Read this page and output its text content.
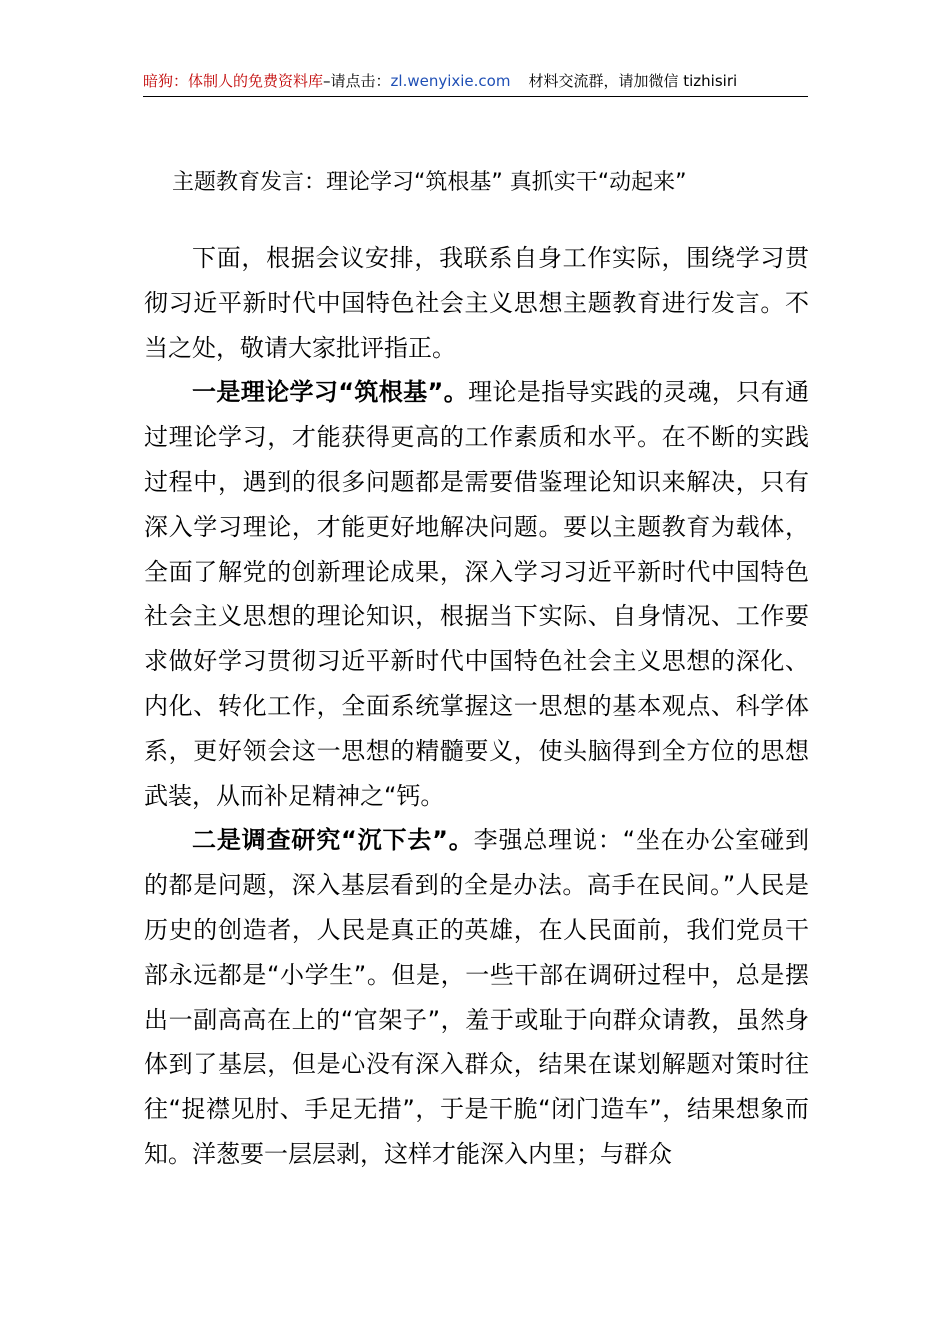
暗狗：体制人的免费资料库–请点击：zl.wenyixie.com 材料交流群，请加微信 tizhisiri
主题教育发言：理论学习“筑根基” 真抓实干“动起来”

下面，根据会议安排，我联系自身工作实际，围绕学习贯彻习近平新时代中国特色社会主义思想主题教育进行发言。不当之处，敬请大家批评指正。

一是理论学习“筑根基”。理论是指导实践的灵魂，只有通过理论学习，才能获得更高的工作素质和水平。在不断的实践过程中，遇到的很多问题都是需要借鉴理论知识来解决，只有深入学习理论，才能更好地解决问题。要以主题教育为载体，全面了解党的创新理论成果，深入学习习近平新时代中国特色社会主义思想的理论知识，根据当下实际、自身情况、工作要求做好学习贯彻习近平新时代中国特色社会主义思想的深化、内化、转化工作，全面系统掌握这一思想的基本观点、科学体系，更好领会这一思想的精髓要义，使头脑得到全方位的思想武装，从而补足精神之“钙。

二是调查研究“沉下去”。李强总理说：“坐在办公室碰到的都是问题，深入基层看到的全是办法。高手在民间。”人民是历史的创造者，人民是真正的英雄，在人民面前，我们党员干部永远都是“小学生”。但是，一些干部在调研过程中，总是摆出一副高高在上的“官架子”，羞于或耻于向群众请教，虽然身体到了基层，但是心没有深入群众，结果在谋划解题对策时往往“捉襟见肘、手足无措”，于是干脆“闭门造车”，结果想象而知。洋葱要一层层剥，这样才能深入内里；与群众
